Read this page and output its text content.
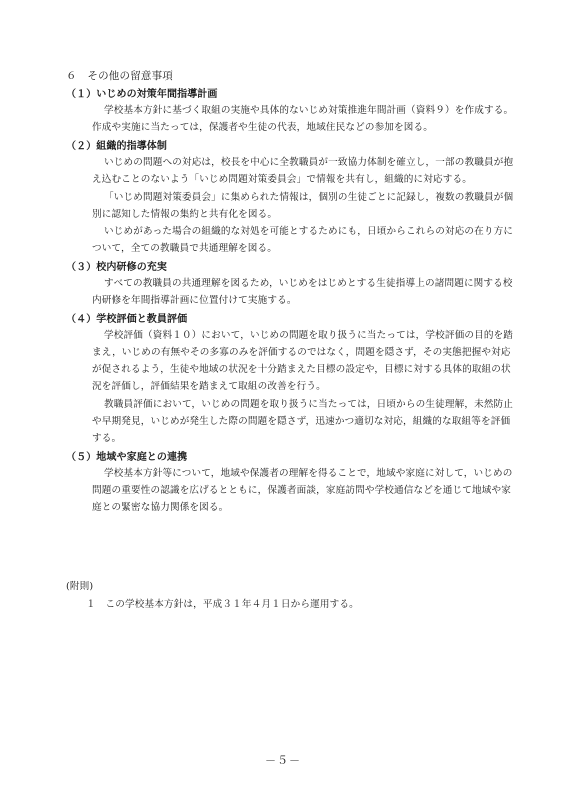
６　その他の留意事項
（１）いじめの対策年間指導計画
学校基本方針に基づく取組の実施や具体的ないじめ対策推進年間計画（資料９）を作成する。
作成や実施に当たっては，保護者や生徒の代表，地域住民などの参加を図る。
（２）組織的指導体制
いじめの問題への対応は，校長を中心に全教職員が一致協力体制を確立し，一部の教職員が抱
え込むことのないよう「いじめ問題対策委員会」で情報を共有し，組織的に対応する。
「いじめ問題対策委員会」に集められた情報は，個別の生徒ごとに記録し，複数の教職員が個
別に認知した情報の集約と共有化を図る。
いじめがあった場合の組織的な対処を可能とするためにも，日頃からこれらの対応の在り方に
ついて，全ての教職員で共通理解を図る。
（３）校内研修の充実
すべての教職員の共通理解を図るため，いじめをはじめとする生徒指導上の諸問題に関する校
内研修を年間指導計画に位置付けて実施する。
（４）学校評価と教員評価
学校評価（資料１０）において，いじめの問題を取り扱うに当たっては，学校評価の目的を踏
まえ，いじめの有無やその多寡のみを評価するのではなく，問題を隠さず，その実態把握や対応
が促されるよう，生徒や地域の状況を十分踏まえた目標の設定や，目標に対する具体的取組の状
況を評価し，評価結果を踏まえて取組の改善を行う。
教職員評価において，いじめの問題を取り扱うに当たっては，日頃からの生徒理解，未然防止
や早期発見，いじめが発生した際の問題を隠さず，迅速かつ適切な対応，組織的な取組等を評価
する。
（５）地域や家庭との連携
学校基本方針等について，地域や保護者の理解を得ることで，地域や家庭に対して，いじめの
問題の重要性の認識を広げるとともに，保護者面談，家庭訪問や学校通信などを通じて地域や家
庭との緊密な協力関係を図る。
(附則)
１　この学校基本方針は，平成３１年４月１日から運用する。
－５－
